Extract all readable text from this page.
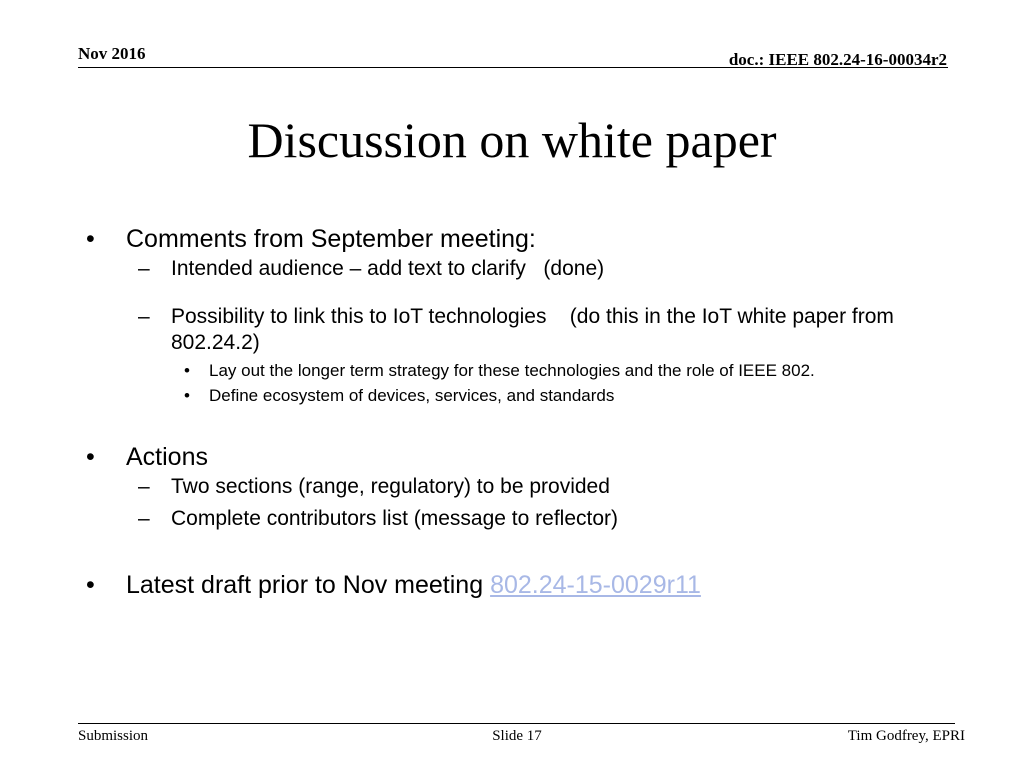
Nov 2016	doc.: IEEE 802.24-16-00034r2
Discussion on white paper
• Comments from September meeting:
– Intended audience – add text to clarify   (done)
– Possibility to link this to IoT technologies    (do this in the IoT white paper from 802.24.2)
• Lay out the longer term strategy for these technologies and the role of IEEE 802.
• Define ecosystem of devices, services, and standards
• Actions
– Two sections (range, regulatory) to be provided
– Complete contributors list (message to reflector)
• Latest draft prior to Nov meeting 802.24-15-0029r11
Submission	Slide 17	Tim Godfrey, EPRI
